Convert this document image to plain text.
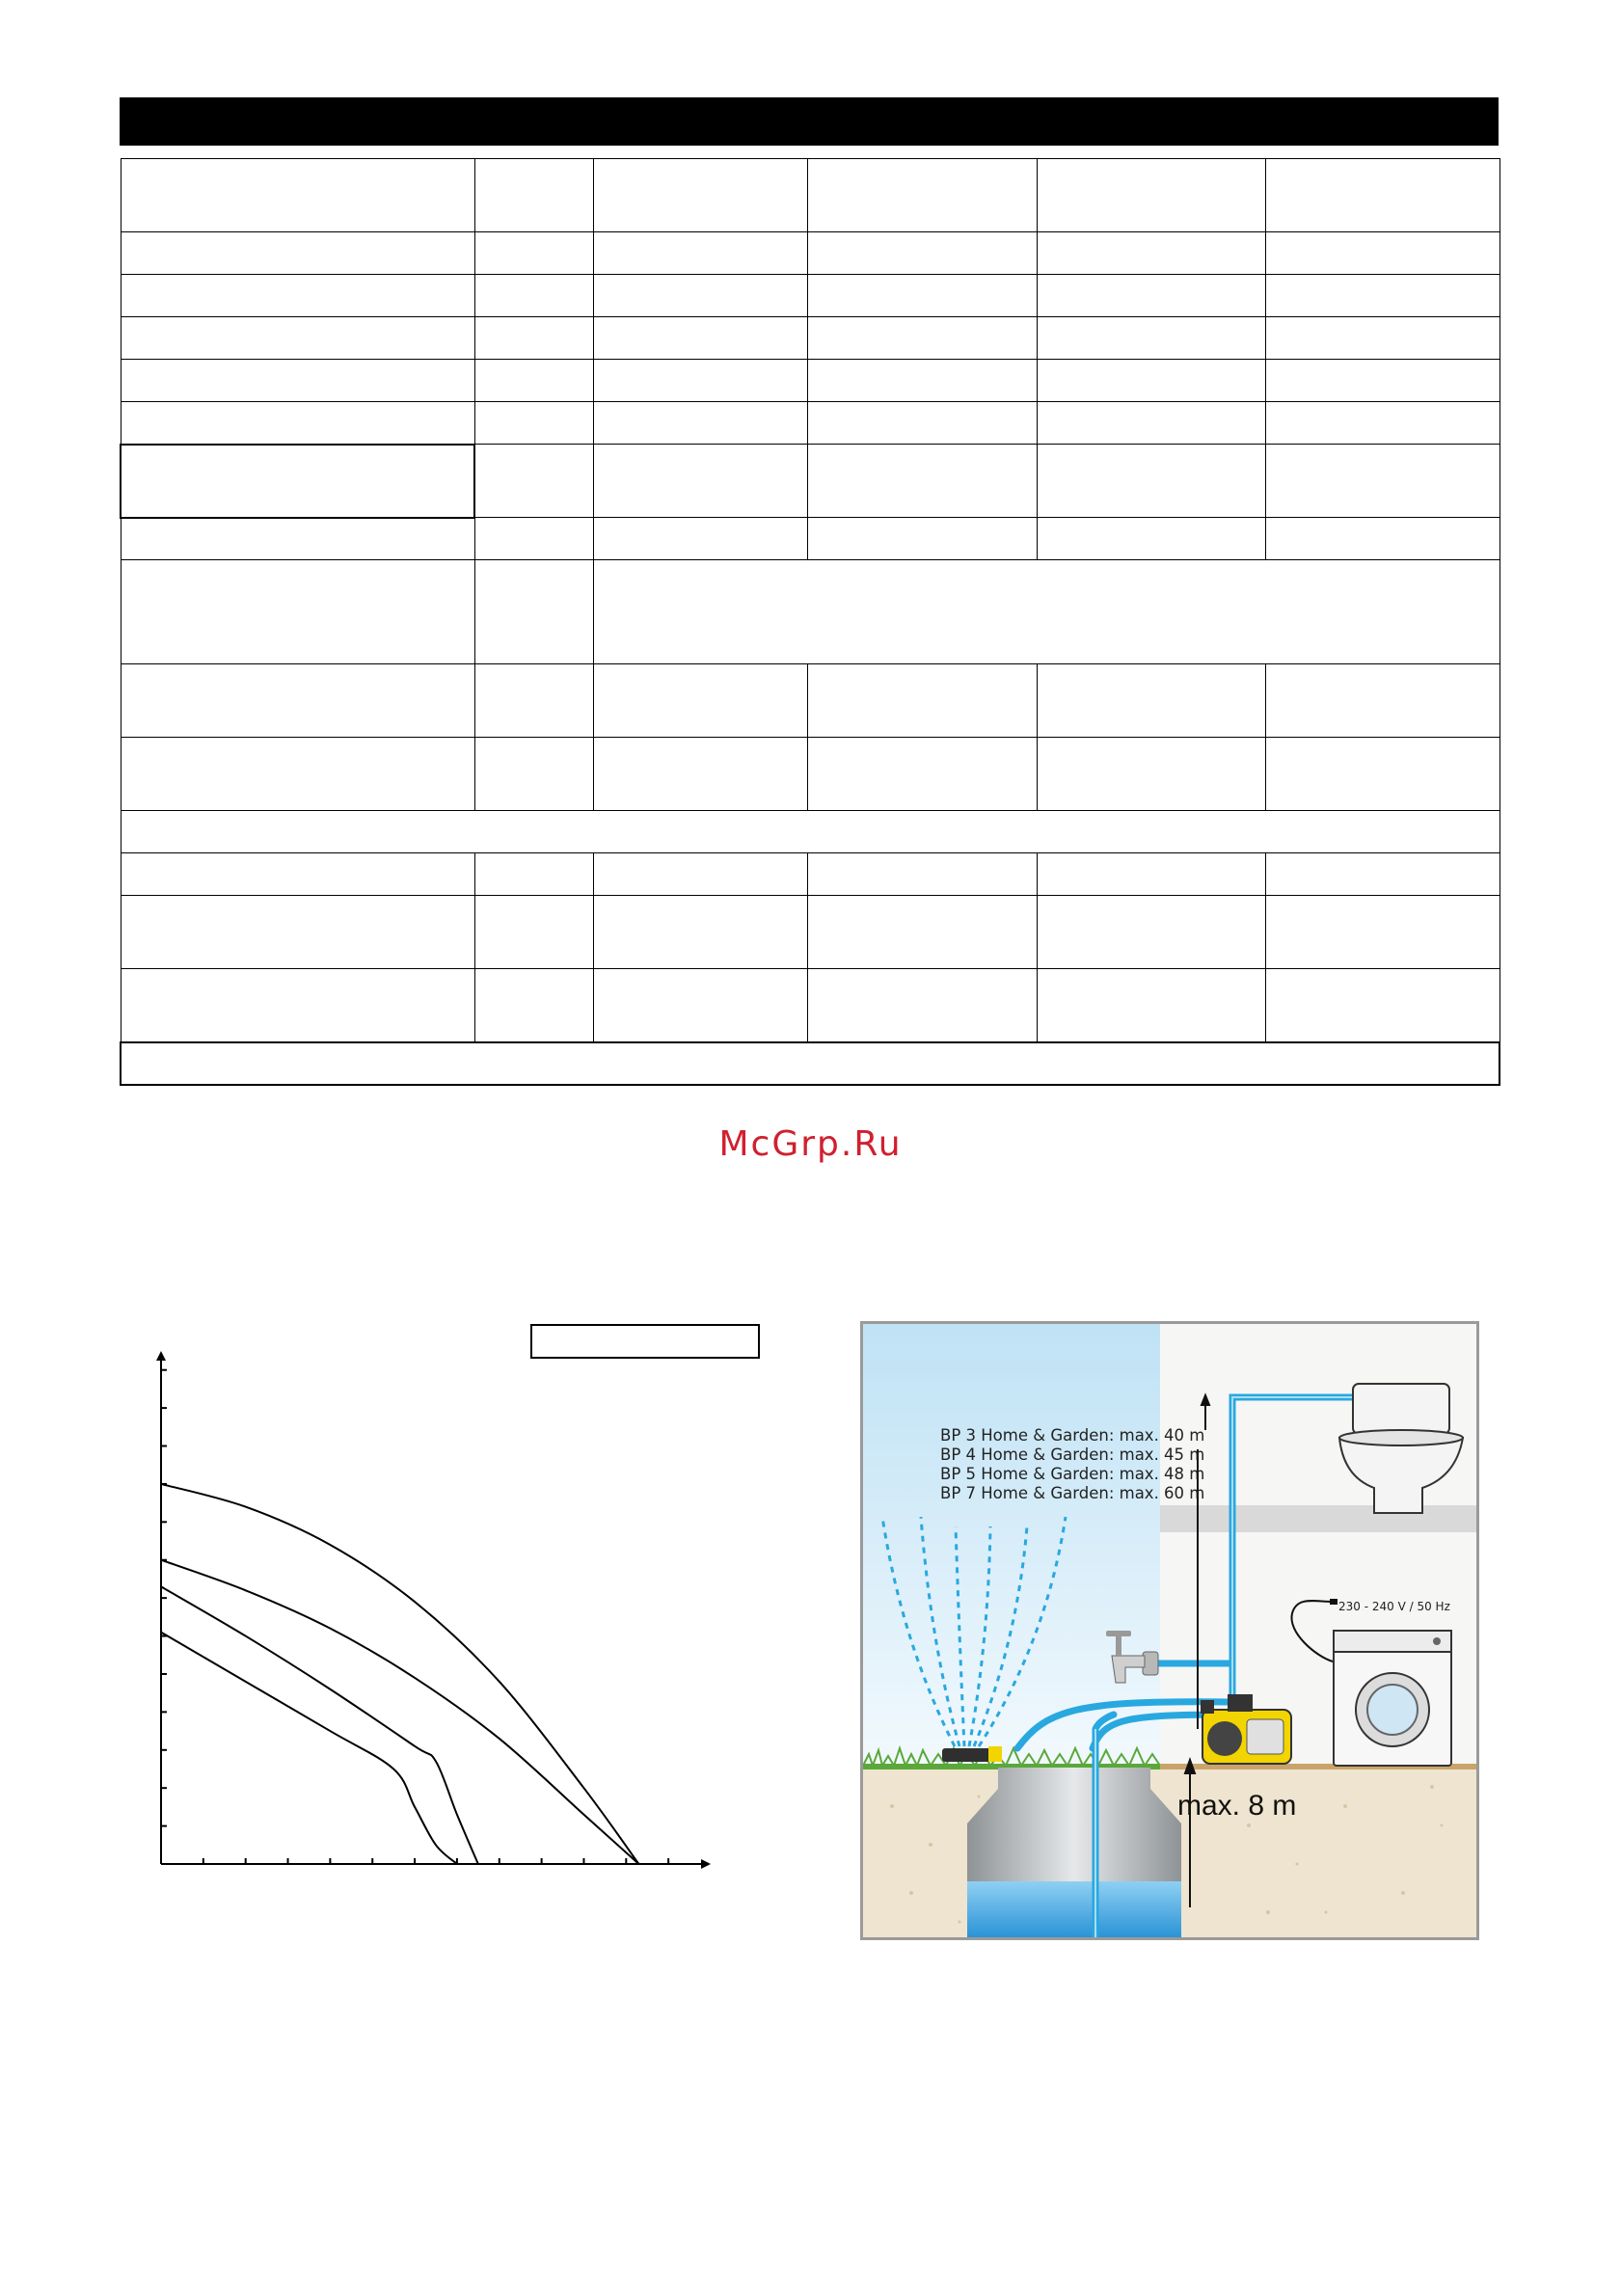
McGrp.Ru
BP 3 Home & Garden: max. 40 m
BP 4 Home & Garden: max. 45 m
BP 5 Home & Garden: max. 48 m
BP 7 Home & Garden: max. 60 m
230 - 240 V / 50 Hz
max. 8 m
